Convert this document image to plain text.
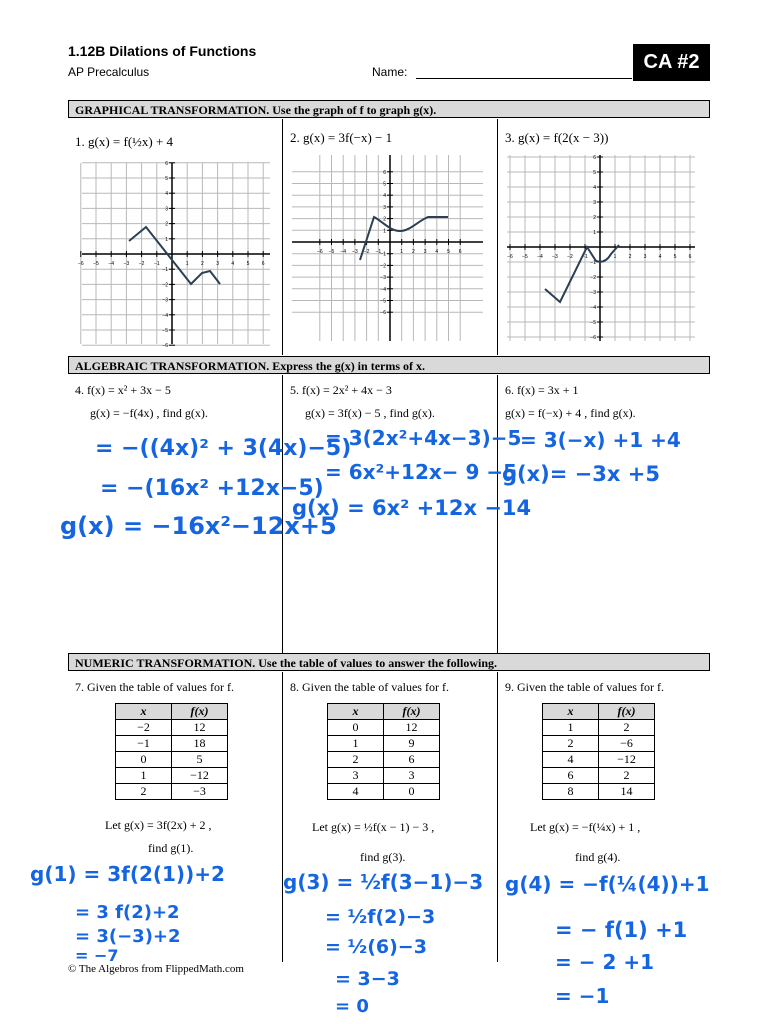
1.12B Dilations of Functions
AP Precalculus	Name:	CA #2
GRAPHICAL TRANSFORMATION. Use the graph of f to graph g(x).
1. g(x) = f(½x) + 4	2. g(x) = 3f(−x) − 1	3. g(x) = f(2(x − 3))
−6 −5 −4 −3 −2 −1	1 2 3 4 5 6
6
5
4
3
2
1
−1
−2
−3
−4
−5
−6
−6 −5 −4 −3 −2 −1	1 2 3 4 5 6
6
5
4
3
2
1
−1
−2
−3
−4
−5
−6
−6 −5 −4 −3 −2 −1	1 2 3 4 5 6
6
5
4
3
2
1
−1
−2
−3
−4
−5
−6
ALGEBRAIC TRANSFORMATION. Express the g(x) in terms of x.
4. f(x) = x² + 3x − 5
g(x) = −f(4x) , find g(x).
= −((4x)² + 3(4x)−5)
= −(16x² +12x−5)
g(x) = −16x²−12x+5
5. f(x) = 2x² + 4x − 3
g(x) = 3f(x) − 5 , find g(x).
= 3(2x²+4x−3)−5
= 6x²+12x− 9 −5
g(x) = 6x² +12x −14
6. f(x) = 3x + 1
g(x) = f(−x) + 4 , find g(x).
= 3(−x) +1 +4
g(x)= −3x +5
NUMERIC TRANSFORMATION. Use the table of values to answer the following.
7. Given the table of values for f.
x	f(x)
−2	12
−1	18
0	5
1	−12
2	−3
Let g(x) = 3f(2x) + 2 ,
find g(1).
g(1) = 3f(2(1))+2
= 3 f(2)+2
= 3(−3)+2
= −7
8. Given the table of values for f.
x	f(x)
0	12
1	9
2	6
3	3
4	0
Let g(x) = ½f(x − 1) − 3 ,
find g(3).
g(3) = ½f(3−1)−3
= ½f(2)−3
= ½(6)−3
= 3−3
= 0
9. Given the table of values for f.
x	f(x)
1	2
2	−6
4	−12
6	2
8	14
Let g(x) = −f(¼x) + 1 ,
find g(4).
g(4) = −f(¼(4))+1
= − f(1) +1
= − 2 +1
= −1
© The Algebros from FlippedMath.com
